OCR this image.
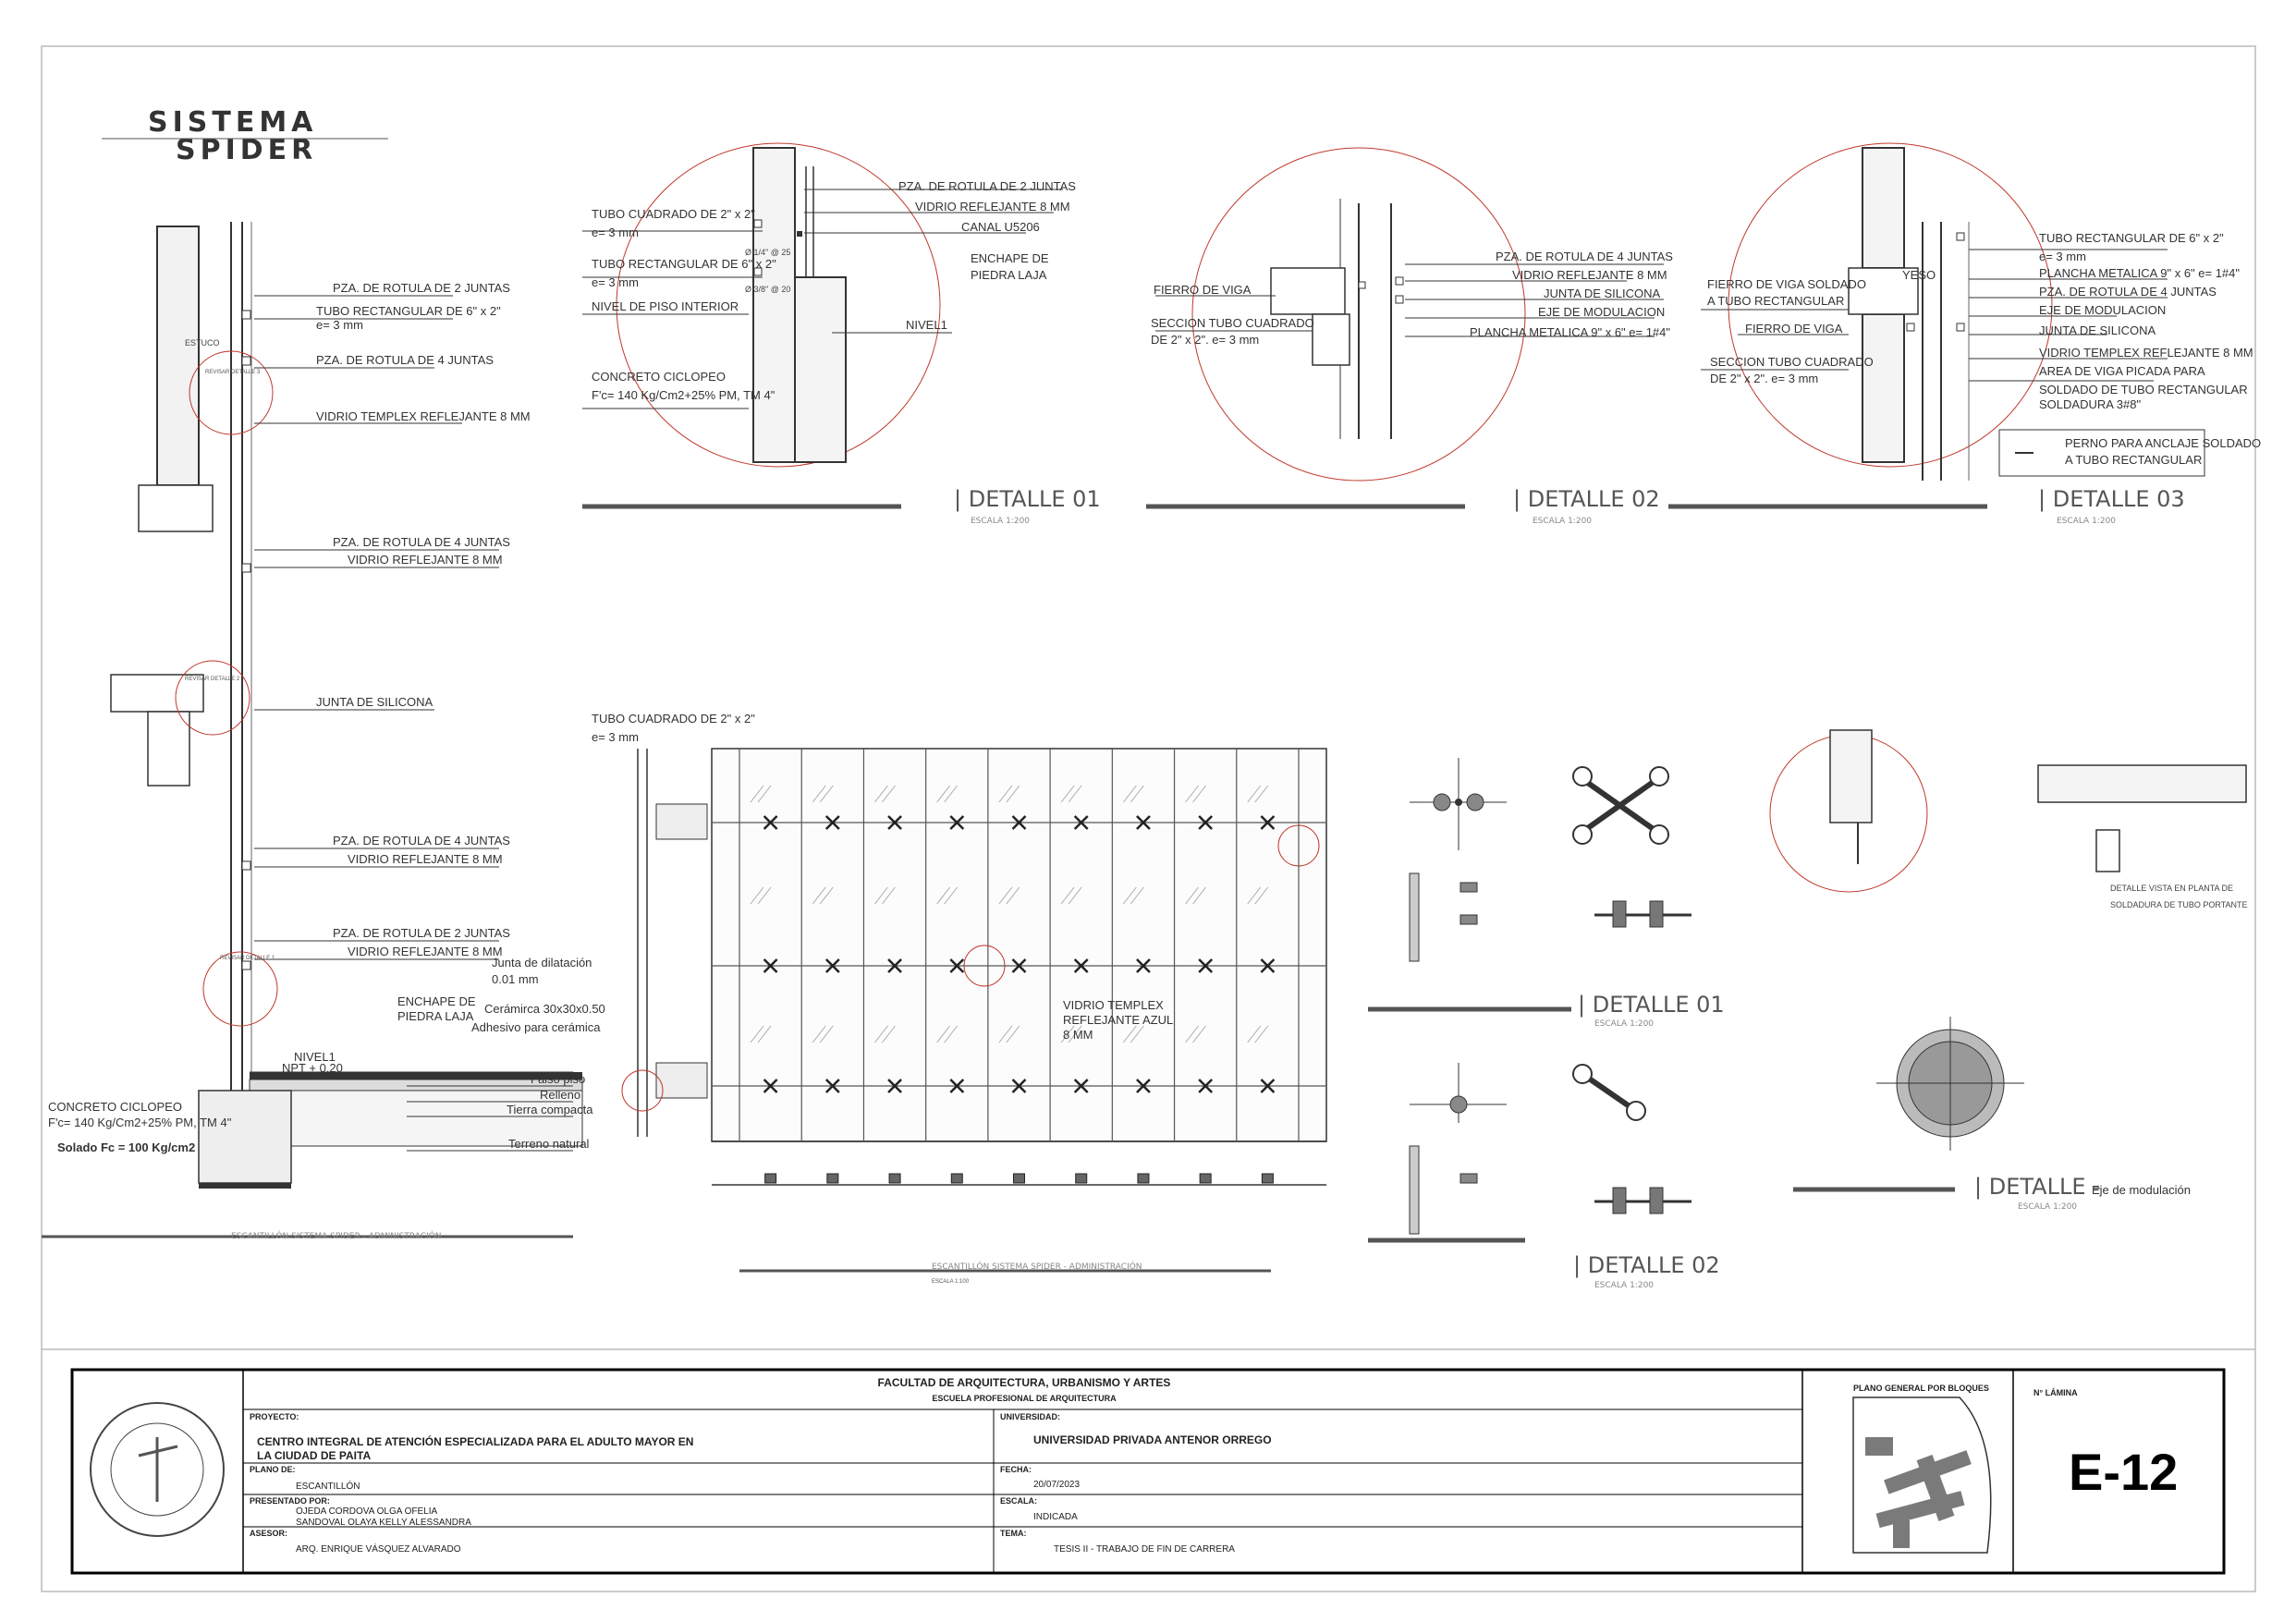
SISTEMA
SPIDER
PZA. DE ROTULA DE 2 JUNTAS
TUBO RECTANGULAR DE 6" x 2"
e= 3 mm
PZA. DE ROTULA DE 4 JUNTAS
VIDRIO TEMPLEX REFLEJANTE 8 MM
PZA. DE ROTULA DE 4 JUNTAS
VIDRIO REFLEJANTE 8 MM
JUNTA DE SILICONA
PZA. DE ROTULA DE 4 JUNTAS
VIDRIO REFLEJANTE 8 MM
PZA. DE ROTULA DE 2 JUNTAS
VIDRIO REFLEJANTE 8 MM
Junta de dilatación
0.01 mm
ENCHAPE DE
PIEDRA LAJA
Cerámirca 30x30x0.50
Adhesivo para cerámica
NIVEL1
NPT + 0.20
Falso piso
Relleno
Tierra compacta
Terreno natural
CONCRETO CICLOPEO
F'c= 140 Kg/Cm2+25% PM, TM 4"
Solado Fc = 100 Kg/cm2
ESTUCO
REVISAR DETALLE 3
REVISAR DETALLE 2
REVISAR DETALLE 1
ESCANTILLÓN SISTEMA SPIDER - ADMINISTRACIÓN
TUBO CUADRADO DE 2" x 2"
e= 3 mm
TUBO RECTANGULAR DE 6" x 2"
e= 3 mm
NIVEL DE PISO INTERIOR
CONCRETO CICLOPEO
F'c= 140 Kg/Cm2+25% PM, TM 4"
PZA. DE ROTULA DE 2 JUNTAS
VIDRIO REFLEJANTE 8 MM
CANAL U5206
ENCHAPE DE
PIEDRA LAJA
Ø 1/4" @ 25
Ø 3/8" @ 20
NIVEL1
| DETALLE 01
ESCALA 1:200
PZA. DE ROTULA DE 4 JUNTAS
VIDRIO REFLEJANTE 8 MM
JUNTA DE SILICONA
EJE DE MODULACION
PLANCHA METALICA 9" x 6" e= 1#4"
FIERRO DE VIGA
SECCION TUBO CUADRADO
DE 2" x 2". e= 3 mm
| DETALLE 02
ESCALA 1:200
TUBO RECTANGULAR DE 6" x 2"
e= 3 mm
PLANCHA METALICA 9" x 6" e= 1#4"
PZA. DE ROTULA DE 4 JUNTAS
EJE DE MODULACION
JUNTA DE SILICONA
VIDRIO TEMPLEX REFLEJANTE 8 MM
AREA DE VIGA PICADA PARA
SOLDADO DE TUBO RECTANGULAR
SOLDADURA 3#8"
FIERRO DE VIGA SOLDADO
A TUBO RECTANGULAR
FIERRO DE VIGA
SECCION TUBO CUADRADO
DE 2" x 2". e= 3 mm
YESO
PERNO PARA ANCLAJE SOLDADO
A TUBO RECTANGULAR
| DETALLE 03
ESCALA 1:200
TUBO CUADRADO DE 2" x 2"
e= 3 mm
VIDRIO TEMPLEX
REFLEJANTE AZUL
8 MM
ESCANTILLÓN SISTEMA SPIDER - ADMINISTRACIÓN
ESCALA 1:100
| DETALLE 01
ESCALA 1:200
| DETALLE 02
ESCALA 1:200
DETALLE VISTA EN PLANTA DE
SOLDADURA DE TUBO PORTANTE
| DETALLE -
Eje de modulación
ESCALA 1:200
FACULTAD DE ARQUITECTURA, URBANISMO Y ARTES
ESCUELA PROFESIONAL DE ARQUITECTURA
PROYECTO:
CENTRO INTEGRAL DE ATENCIÓN ESPECIALIZADA PARA EL ADULTO MAYOR EN
LA CIUDAD DE PAITA
UNIVERSIDAD:
UNIVERSIDAD PRIVADA ANTENOR ORREGO
PLANO DE:
ESCANTILLÓN
FECHA:
20/07/2023
PRESENTADO POR:
OJEDA CORDOVA OLGA OFELIA
SANDOVAL OLAYA KELLY ALESSANDRA
ESCALA:
INDICADA
ASESOR:
ARQ. ENRIQUE VÁSQUEZ ALVARADO
TEMA:
TESIS II - TRABAJO DE FIN DE CARRERA
PLANO GENERAL POR BLOQUES	N° LÁMINA
E-12
